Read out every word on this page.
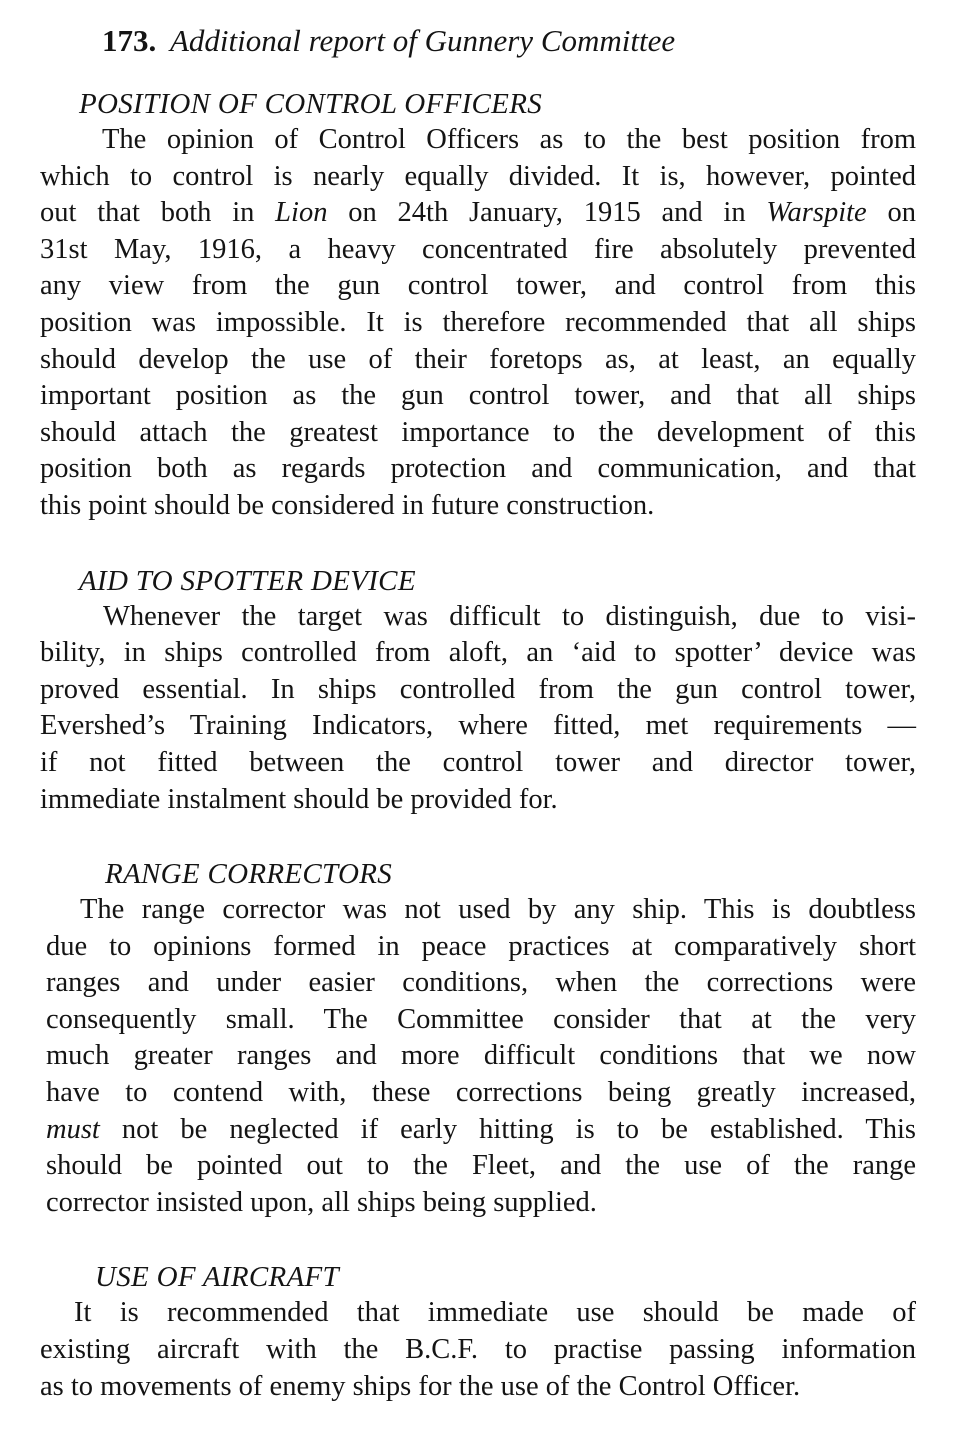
173. Additional report of Gunnery Committee
POSITION OF CONTROL OFFICERS
The opinion of Control Officers as to the best position from
which to control is nearly equally divided. It is, however, pointed
out that both in Lion on 24th January, 1915 and in Warspite on
31st May, 1916, a heavy concentrated fire absolutely prevented
any view from the gun control tower, and control from this
position was impossible. It is therefore recommended that all ships
should develop the use of their foretops as, at least, an equally
important position as the gun control tower, and that all ships
should attach the greatest importance to the development of this
position both as regards protection and communication, and that
this point should be considered in future construction.
AID TO SPOTTER DEVICE
Whenever the target was difficult to distinguish, due to visi-
bility, in ships controlled from aloft, an ‘aid to spotter’ device was
proved essential. In ships controlled from the gun control tower,
Evershed’s Training Indicators, where fitted, met requirements —
if not fitted between the control tower and director tower,
immediate instalment should be provided for.
RANGE CORRECTORS
The range corrector was not used by any ship. This is doubtless
due to opinions formed in peace practices at comparatively short
ranges and under easier conditions, when the corrections were
consequently small. The Committee consider that at the very
much greater ranges and more difficult conditions that we now
have to contend with, these corrections being greatly increased,
must not be neglected if early hitting is to be established. This
should be pointed out to the Fleet, and the use of the range
corrector insisted upon, all ships being supplied.
USE OF AIRCRAFT
It is recommended that immediate use should be made of
existing aircraft with the B.C.F. to practise passing information
as to movements of enemy ships for the use of the Control Officer.
